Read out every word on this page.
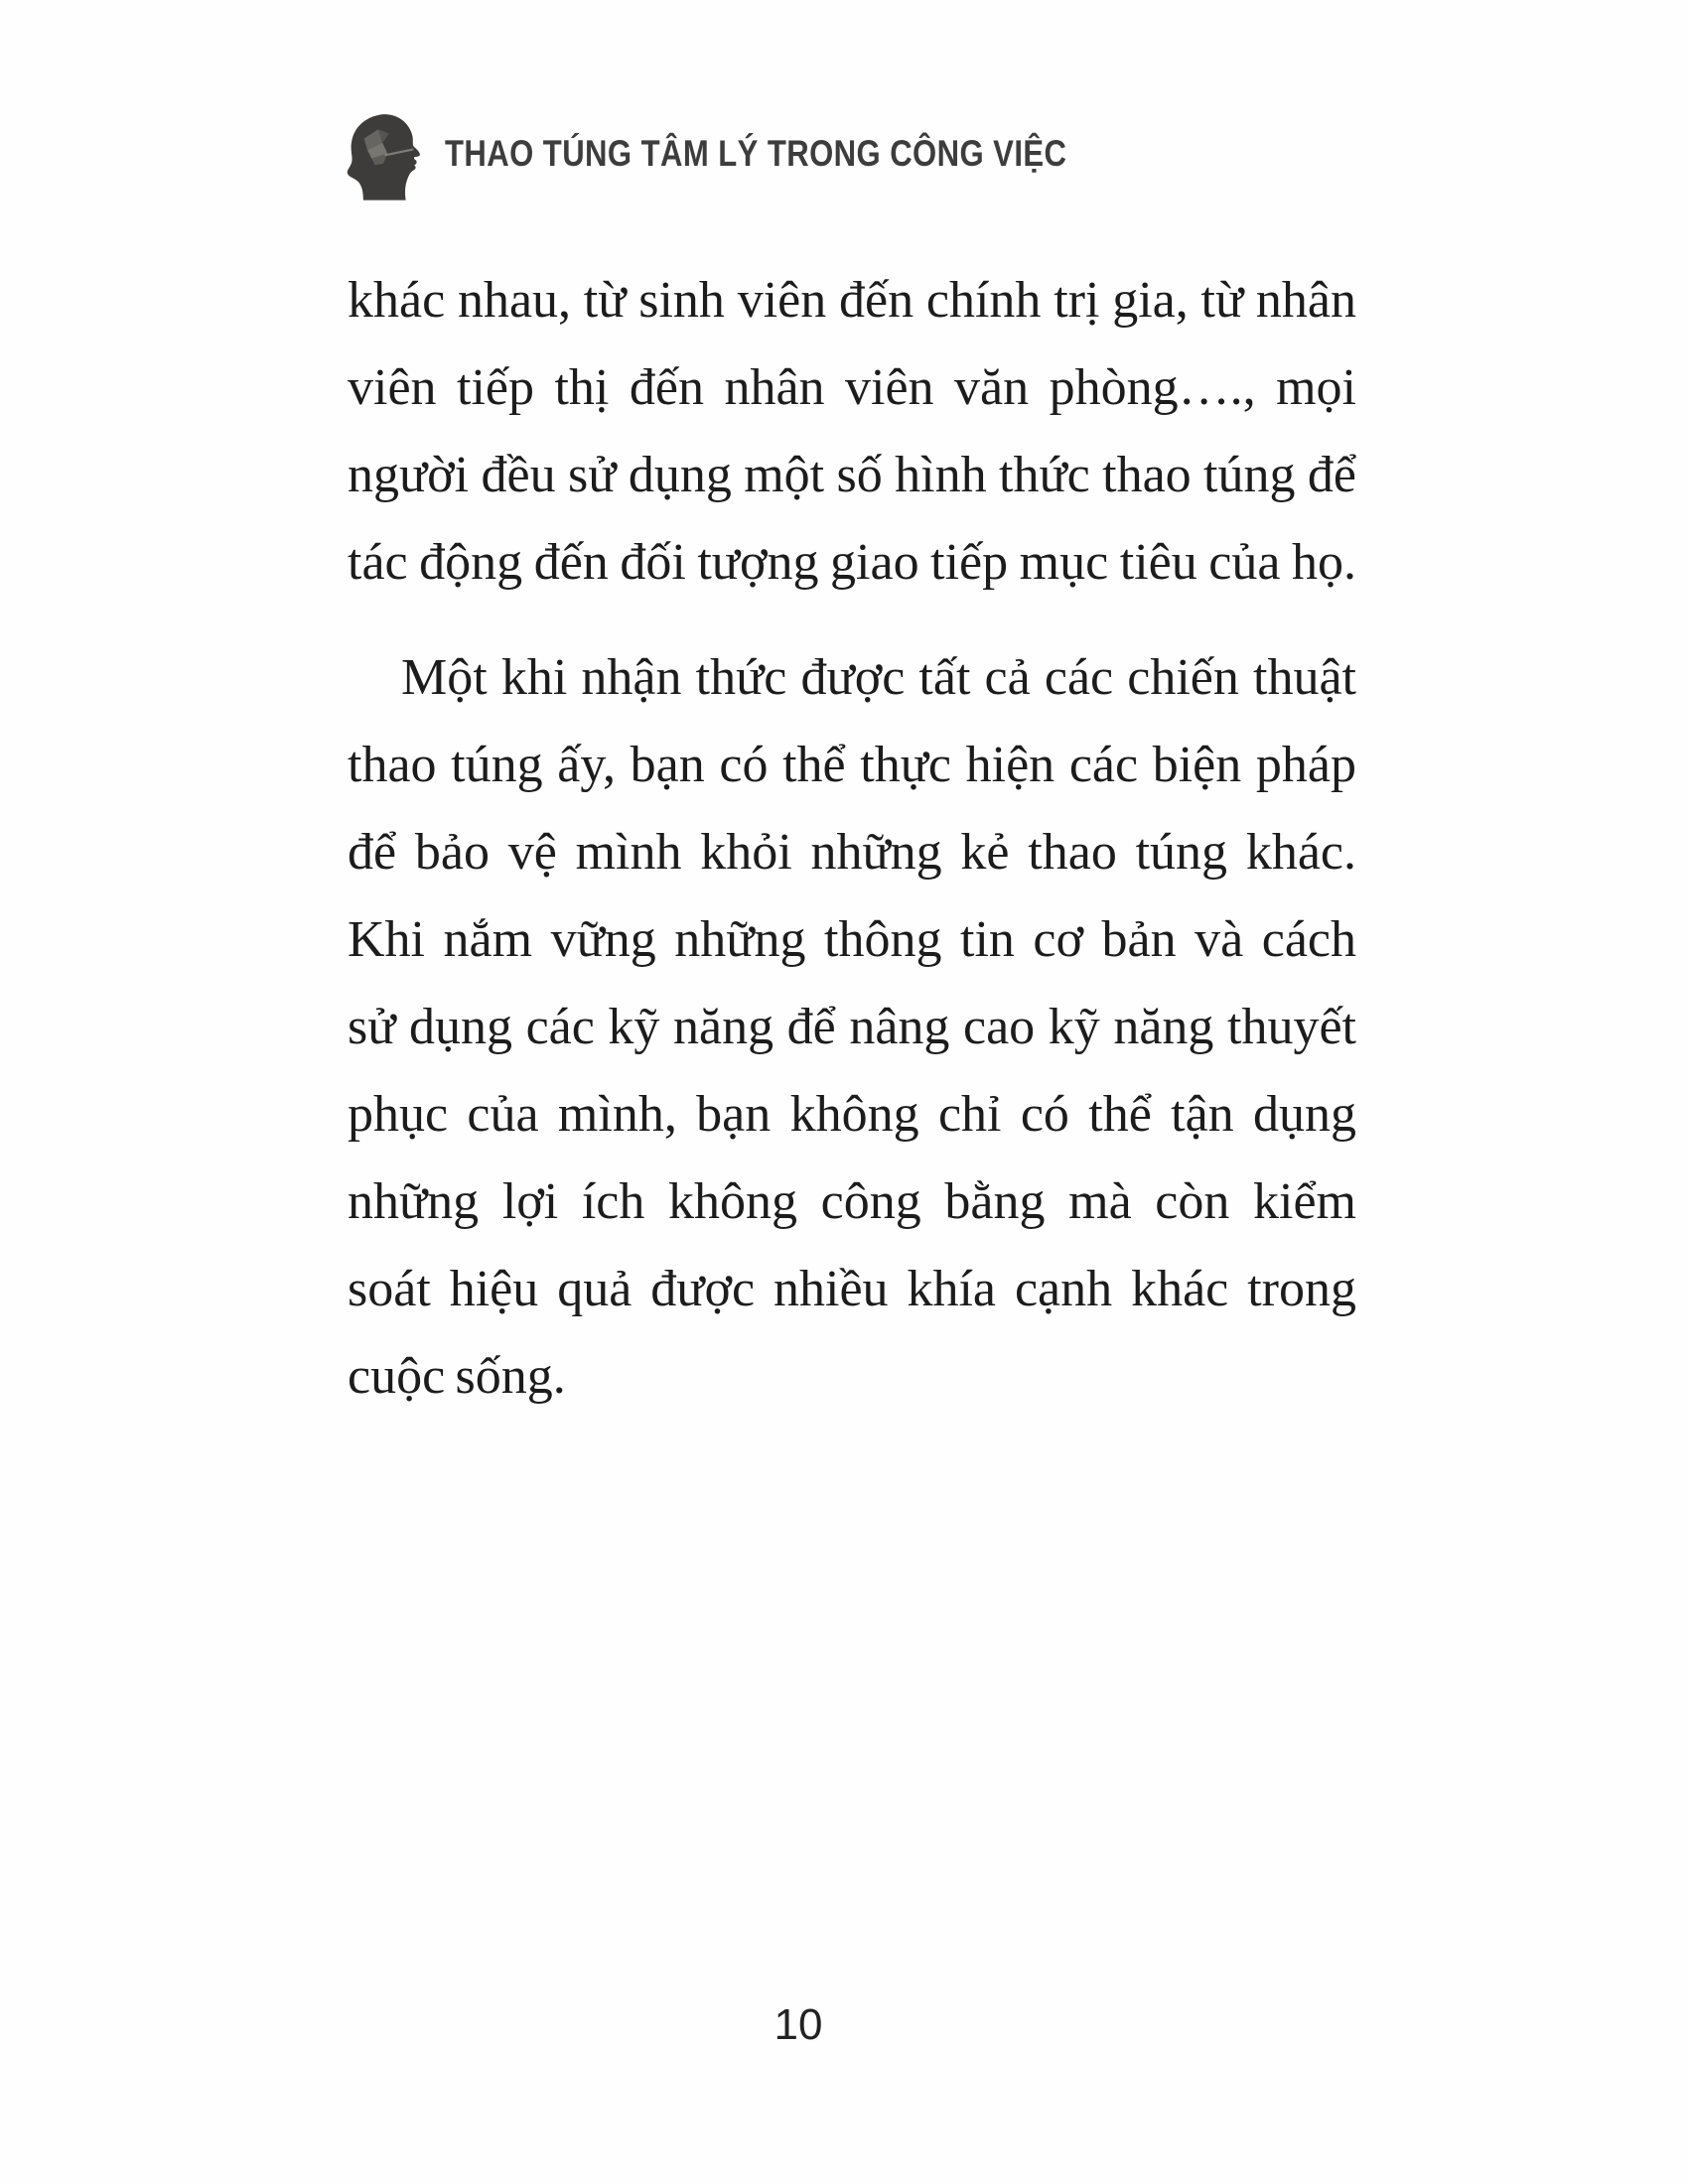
THAO TÚNG TÂM LÝ TRONG CÔNG VIỆC
khác nhau, từ sinh viên đến chính trị gia, từ nhân
viên tiếp thị đến nhân viên văn phòng…., mọi
người đều sử dụng một số hình thức thao túng để
tác động đến đối tượng giao tiếp mục tiêu của họ.
Một khi nhận thức được tất cả các chiến thuật
thao túng ấy, bạn có thể thực hiện các biện pháp
để bảo vệ mình khỏi những kẻ thao túng khác.
Khi nắm vững những thông tin cơ bản và cách
sử dụng các kỹ năng để nâng cao kỹ năng thuyết
phục của mình, bạn không chỉ có thể tận dụng
những lợi ích không công bằng mà còn kiểm
soát hiệu quả được nhiều khía cạnh khác trong
cuộc sống.
10
